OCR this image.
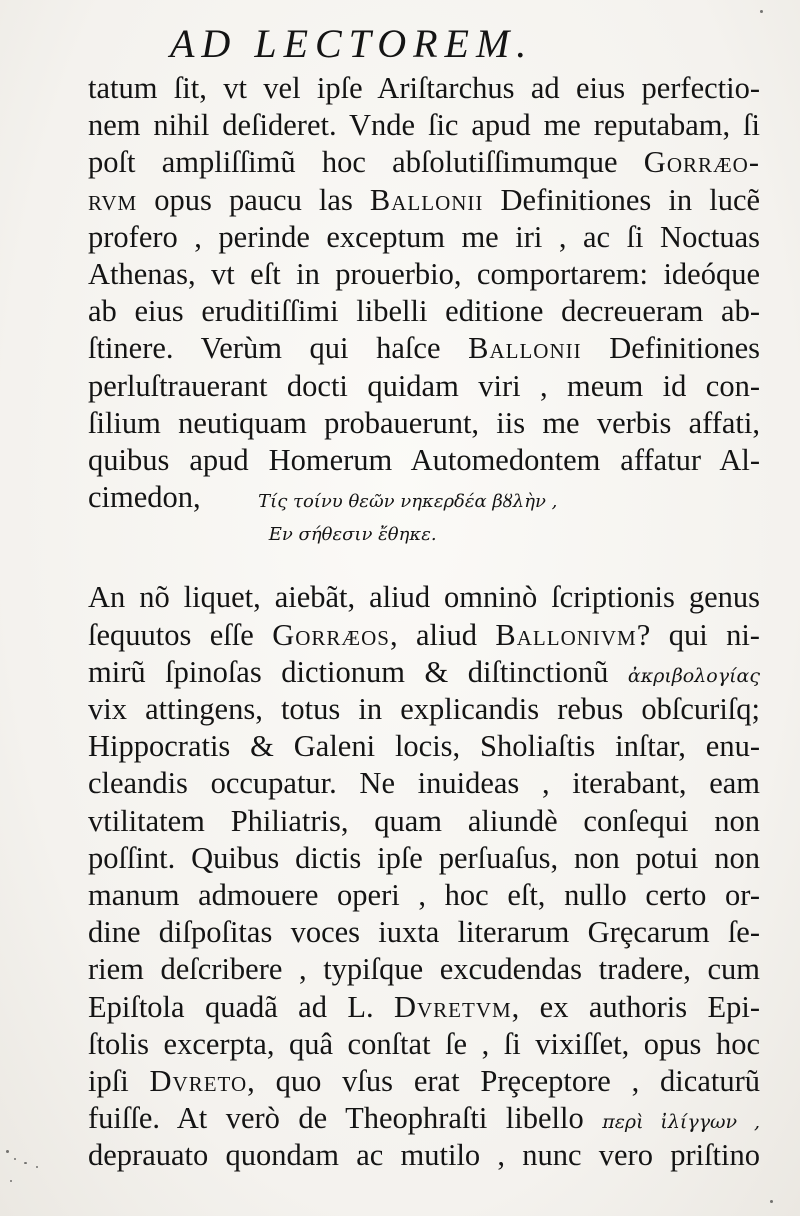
AD LECTOREM.
tatum ſit, vt vel ipſe Ariſtarchus ad eius perfectio-
nem nihil deſideret. Vnde ſic apud me reputabam, ſi
poſt ampliſſimũ hoc abſolutiſſimumque Gorræo-
rvm opus paucu las Ballonii Definitiones in lucẽ
profero , perinde exceptum me iri , ac ſi Noctuas
Athenas, vt eſt in prouerbio, comportarem: ideóque
ab eius eruditiſſimi libelli editione decreueram ab-
ſtinere. Verùm qui haſce Ballonii Definitiones
perluſtrauerant docti quidam viri , meum id con-
ſilium neutiquam probauerunt, iis me verbis affati,
quibus apud Homerum Automedontem affatur Al-
cimedon,	Τίς τοίνυ θεῶν νηκερδέα βȣλὴν ,
Εν σήθεσιν ἔθηκε.
An nõ liquet, aiebãt, aliud omninò ſcriptionis genus
ſequutos eſſe Gorræos, aliud Ballonivm? qui ni-
mirũ ſpinoſas dictionum & diſtinctionũ ἀκριβολογίας
vix attingens, totus in explicandis rebus obſcuriſq;
Hippocratis & Galeni locis, Sholiaſtis inſtar, enu-
cleandis occupatur. Ne inuideas , iterabant, eam
vtilitatem Philiatris, quam aliundè conſequi non
poſſint. Quibus dictis ipſe perſuaſus, non potui non
manum admouere operi , hoc eſt, nullo certo or-
dine diſpoſitas voces iuxta literarum Grȩcarum ſe-
riem deſcribere , typiſque excudendas tradere, cum
Epiſtola quadã ad L. Dvretvm, ex authoris Epi-
ſtolis excerpta, quâ conſtat ſe , ſi vixiſſet, opus hoc
ipſi Dvreto, quo vſus erat Prȩceptore , dicaturũ
fuiſſe. At verò de Theophraſti libello περὶ ἰλίγγων ,
deprauato quondam ac mutilo , nunc vero priſtino
